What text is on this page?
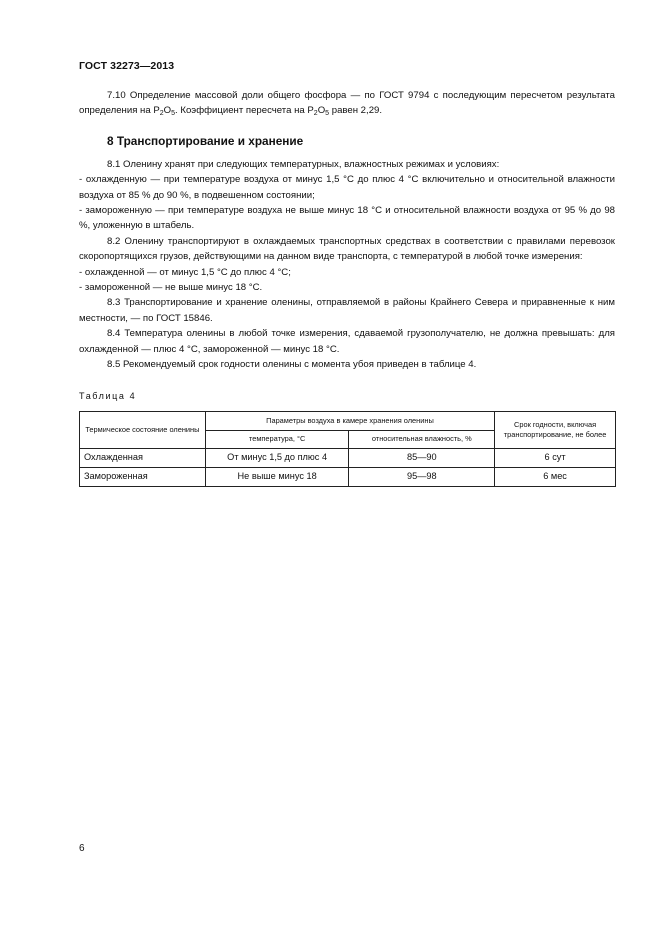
ГОСТ 32273—2013

7.10 Определение массовой доли общего фосфора — по ГОСТ 9794 с последующим пересчетом результата определения на $Р_2О_5$. Коэффициент пересчета на $Р_2О_5$ равен 2,29.

8 Транспортирование и хранение

8.1 Оленину хранят при следующих температурных, влажностных режимах и условиях:

- охлажденную — при температуре воздуха от минус 1,5 °С до плюс 4 °С включительно и относительной влажности воздуха от 85 % до 90 %, в подвешенном состоянии;

- замороженную — при температуре воздуха не выше минус 18 °С и относительной влажности воздуха от 95 % до 98 %, уложенную в штабель.

8.2 Оленину транспортируют в охлаждаемых транспортных средствах в соответствии с правилами перевозок скоропортящихся грузов, действующими на данном виде транспорта, с температурой в любой точке измерения:

- охлажденной — от минус 1,5 °С до плюс 4 °С;

- замороженной — не выше минус 18 °С.

8.3 Транспортирование и хранение оленины, отправляемой в районы Крайнего Севера и приравненные к ним местности, — по ГОСТ 15846.

8.4 Температура оленины в любой точке измерения, сдаваемой грузополучателю, не должна превышать: для охлажденной — плюс 4 °С, замороженной — минус 18 °С.

8.5 Рекомендуемый срок годности оленины с момента убоя приведен в таблице 4.

Таблица 4
Термическое состояние оленины	Параметры воздуха в камере хранения оленины		Срок годности, включая транспортирование, не более
	температура, °С	относительная влажность, %	
Охлажденная	От минус 1,5 до плюс 4	85—90	6 сут
Замороженная	Не выше минус 18	95—98	6 мес
6
